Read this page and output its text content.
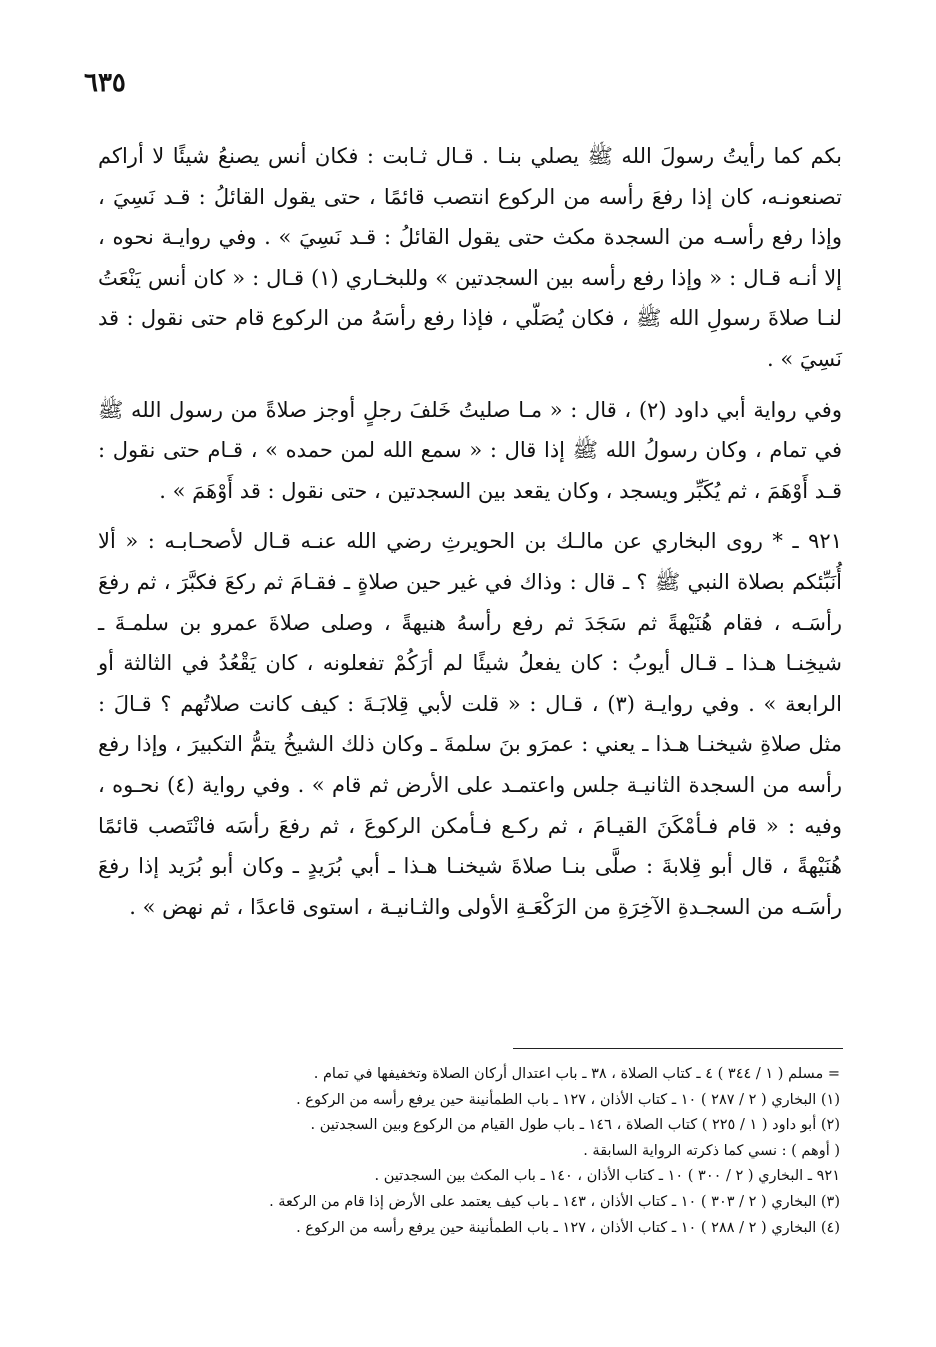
٦٣٥

بكم كما رأيتُ رسولَ الله ﷺ يصلي بنـا . قـال ثـابت : فكان أنس يصنعُ شيئًا لا أراكم تصنعونـه، كان إذا رفعَ رأسه من الركوع انتصب قائمًا ، حتى يقول القائلُ : قـد نَسِيَ ، وإذا رفع رأسـه من السجدة مكث حتى يقول القائلُ : قـد نَسِيَ » . وفي روايـة نحوه ، إلا أنـه قـال : « وإذا رفع رأسه بين السجدتين » وللبخـاري (١) قـال : « كان أنس يَنْعَتُ لنـا صلاةَ رسولِ الله ﷺ ، فكان يُصَلّي ، فإذا رفع رأسَهُ من الركوع قام حتى نقول : قد نَسِيَ » .

وفي رواية أبي داود (٢) ، قال : « مـا صليتُ خَلفَ رجلٍ أوجز صلاةً من رسول الله ﷺ في تمام ، وكان رسولُ الله ﷺ إذا قال : « سمع الله لمن حمده » ، قـام حتى نقول : قـد أَوْهَمَ ، ثم يُكَبِّر ويسجد ، وكان يقعد بين السجدتين ، حتى نقول : قد أَوْهَمَ » .

٩٢١ ـ * روى البخاري عن مالـك بن الحويرثِ رضي الله عنـه قـال لأصحـابـه : « ألا أُنَبِّئكم بصلاة النبي ﷺ ؟ ـ قال : وذاك في غير حين صلاةٍ ـ فقـامَ ثم ركعَ فكبَّرَ ، ثم رفعَ رأسَـه ، فقام هُنَيْهةً ثم سَجَدَ ثم رفع رأسهُ هنيهةً ، وصلى صلاةَ عمرو بن سلمـةَ ـ شيخِنـا هـذا ـ قـال أيوبُ : كان يفعلُ شيئًا لم أرَكُمْ تفعلونه ، كان يَقْعُدُ في الثالثة أو الرابعة » . وفي روايـة (٣) ، قـال : « قلت لأبي قِلابَـةَ : كيف كانت صلاتُهم ؟ قـالَ : مثل صلاةِ شيخنـا هـذا ـ يعني : عمرَو بنَ سلمةَ ـ وكان ذلك الشيخُ يتمُّ التكبيرَ ، وإذا رفع رأسه من السجدة الثانيـة جلس واعتمـد على الأرض ثم قام » . وفي رواية (٤) نحـوه ، وفيه : « قام فـأمْكَنَ القيـامَ ، ثم ركـع فـأمكن الركوعَ ، ثم رفعَ رأسَه فانْتَصب قائمًا هُنَيْهةً ، قال أبو قِلابةَ : صلَّى بنـا صلاةَ شيخنـا هـذا ـ أبي بُرَيدٍ ـ وكان أبو بُرَيد إذا رفعَ رأسَـه من السجـدةِ الآخِرَةِ من الرَكْعَـةِ الأولى والثـانيـة ، استوى قاعدًا ، ثم نهض » .

= مسلم ( ١ / ٣٤٤ ) ٤ ـ كتاب الصلاة ، ٣٨ ـ باب اعتدال أركان الصلاة وتخفيفها في تمام .

(١) البخاري ( ٢ / ٢٨٧ ) ١٠ ـ كتاب الأذان ، ١٢٧ ـ باب الطمأنينة حين يرفع رأسه من الركوع .

(٢) أبو داود ( ١ / ٢٢٥ ) كتاب الصلاة ، ١٤٦ ـ باب طول القيام من الركوع وبين السجدتين .

( أوهم ) : نسي كما ذكرته الرواية السابقة .

٩٢١ ـ البخاري ( ٢ / ٣٠٠ ) ١٠ ـ كتاب الأذان ، ١٤٠ ـ باب المكث بين السجدتين .

(٣) البخاري ( ٢ / ٣٠٣ ) ١٠ ـ كتاب الأذان ، ١٤٣ ـ باب كيف يعتمد على الأرض إذا قام من الركعة .

(٤) البخاري ( ٢ / ٢٨٨ ) ١٠ ـ كتاب الأذان ، ١٢٧ ـ باب الطمأنينة حين يرفع رأسه من الركوع .
